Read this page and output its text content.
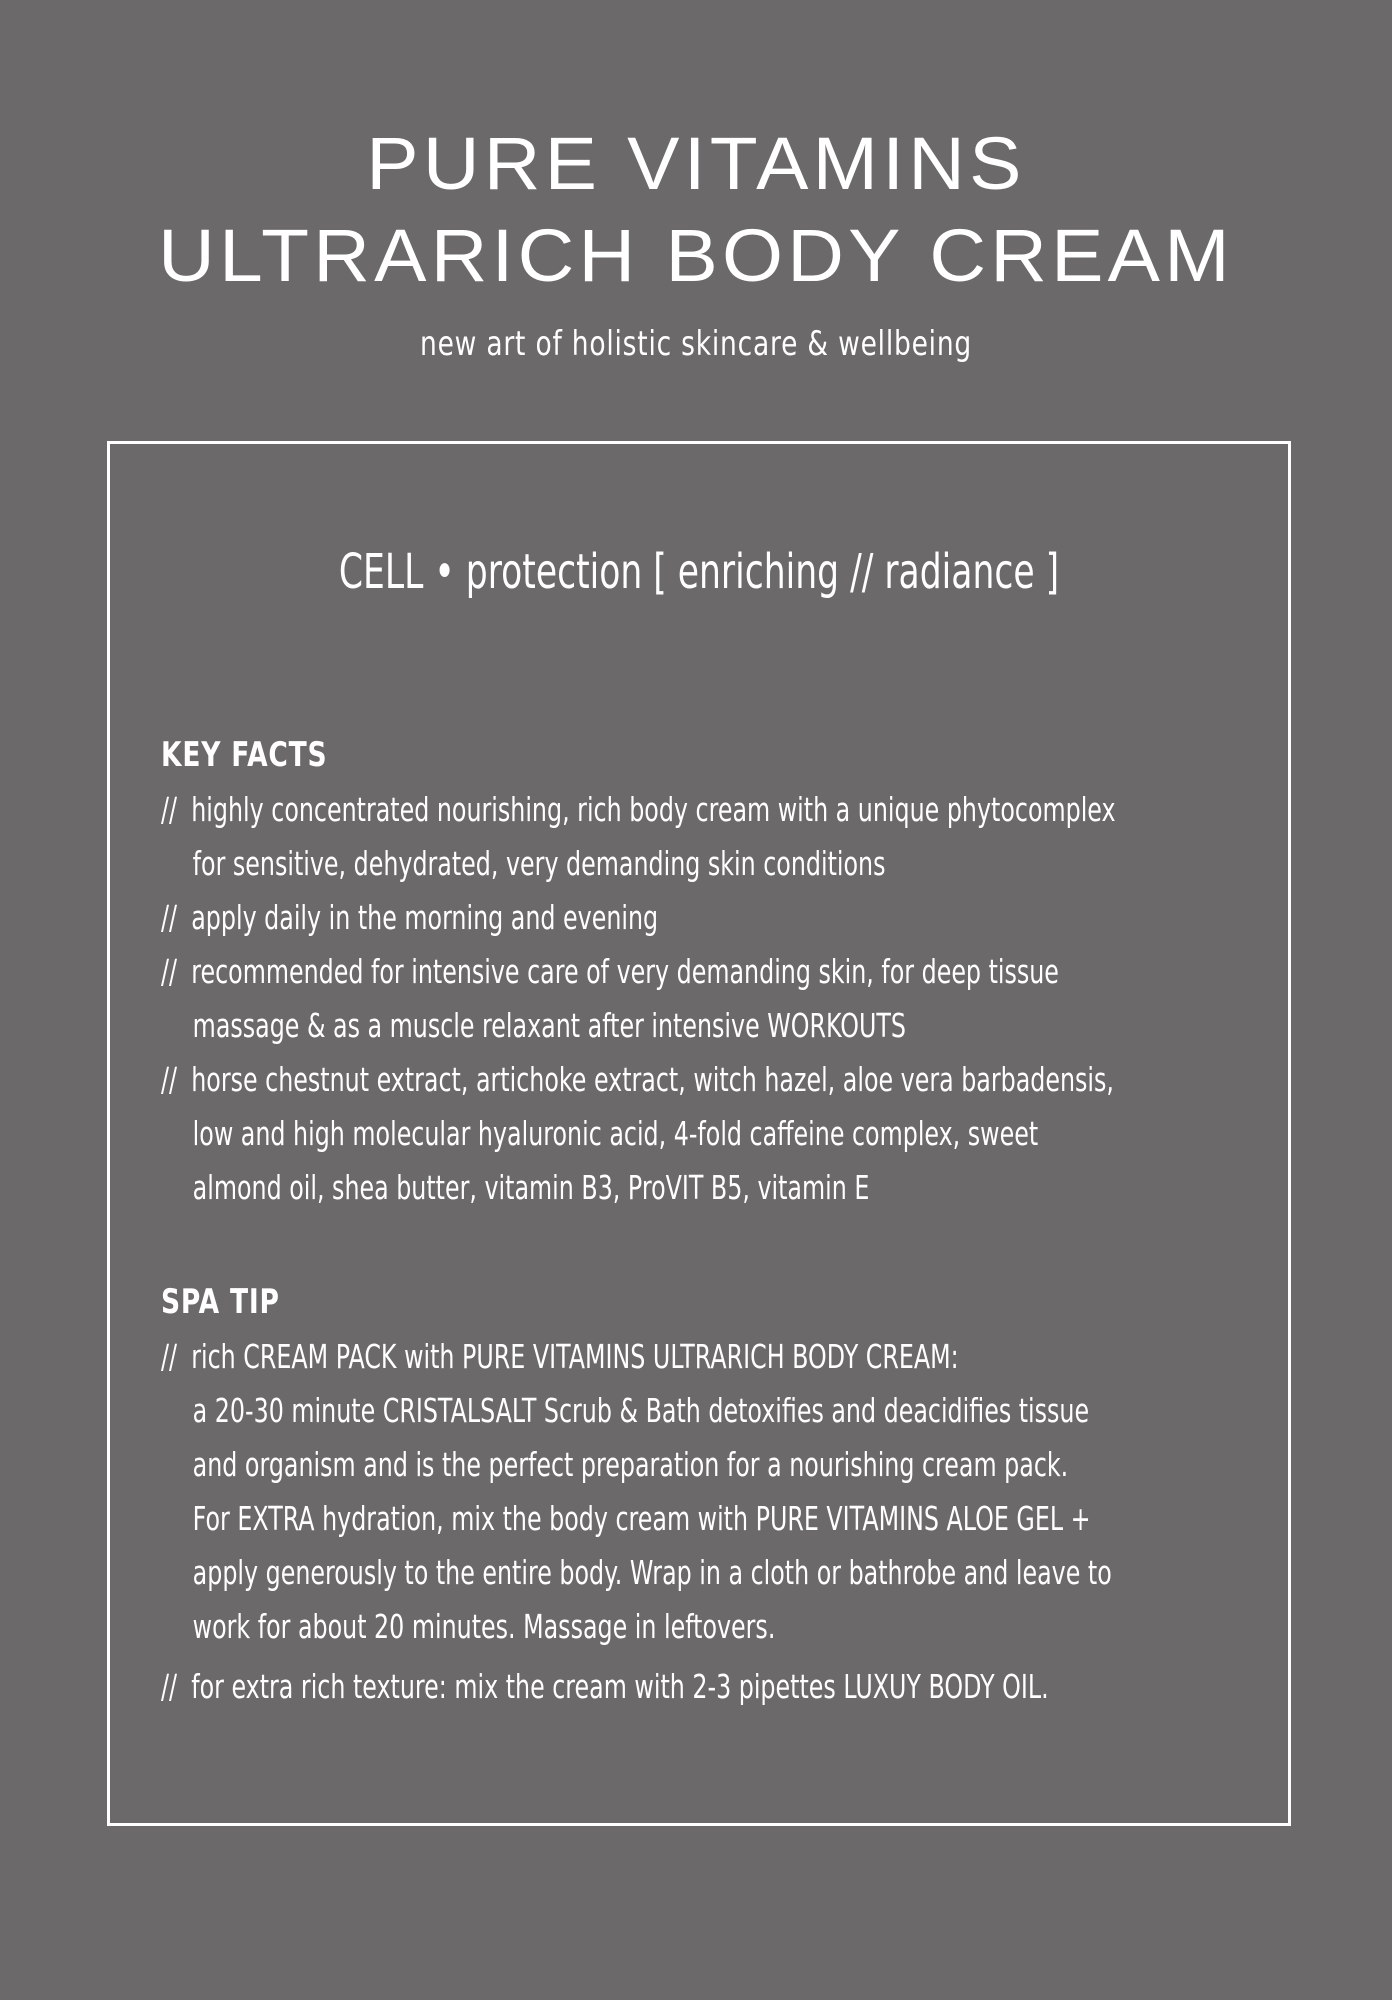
PURE VITAMINS
ULTRARICH BODY CREAM
new art of holistic skincare & wellbeing
CELL • protection [ enriching // radiance ]
KEY FACTS
// highly concentrated nourishing, rich body cream with a unique phytocomplex
for sensitive, dehydrated, very demanding skin conditions
// apply daily in the morning and evening
// recommended for intensive care of very demanding skin, for deep tissue
massage & as a muscle relaxant after intensive WORKOUTS
// horse chestnut extract, artichoke extract, witch hazel, aloe vera barbadensis,
low and high molecular hyaluronic acid, 4-fold caffeine complex, sweet
almond oil, shea butter, vitamin B3, ProVIT B5, vitamin E
SPA TIP
// rich CREAM PACK with PURE VITAMINS ULTRARICH BODY CREAM:
a 20-30 minute CRISTALSALT Scrub & Bath detoxifies and deacidifies tissue
and organism and is the perfect preparation for a nourishing cream pack.
For EXTRA hydration, mix the body cream with PURE VITAMINS ALOE GEL +
apply generously to the entire body. Wrap in a cloth or bathrobe and leave to
work for about 20 minutes. Massage in leftovers.
// for extra rich texture: mix the cream with 2-3 pipettes LUXUY BODY OIL.
